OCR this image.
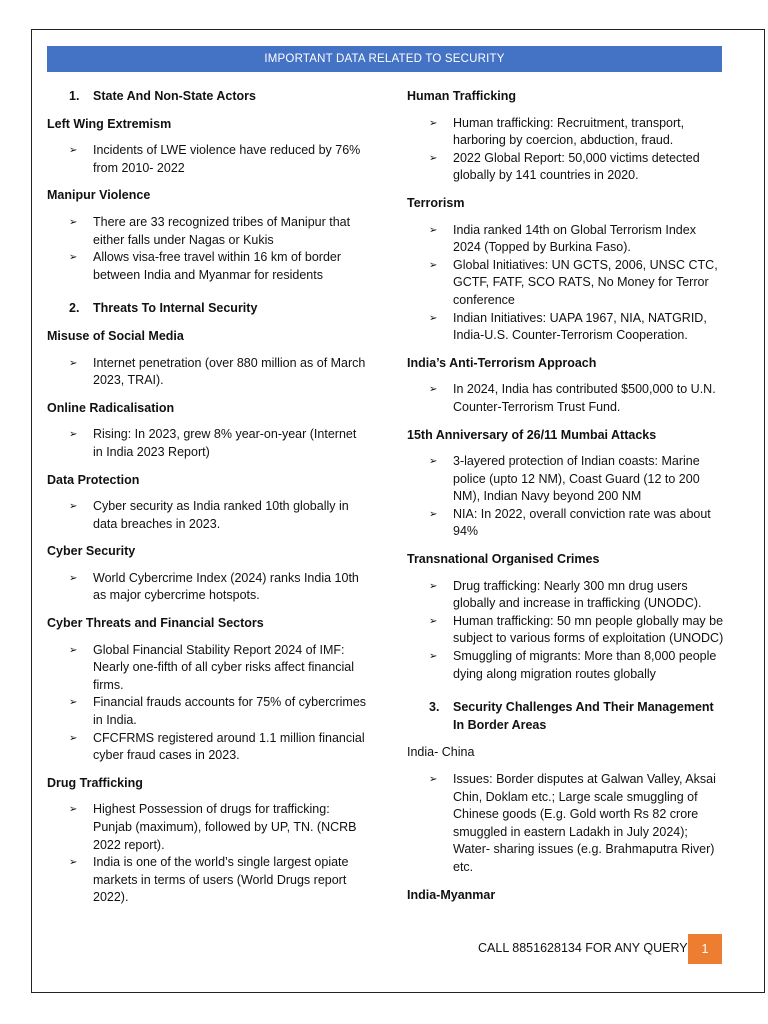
IMPORTANT DATA RELATED TO SECURITY
1.	State And Non-State Actors
Left Wing Extremism
➢	Incidents of LWE violence have reduced by 76% from 2010- 2022
Manipur Violence
➢	There are 33 recognized tribes of Manipur that either falls under Nagas or Kukis
➢	Allows visa-free travel within 16 km of border between India and Myanmar for residents
2.	Threats To Internal Security
Misuse of Social Media
➢	Internet penetration (over 880 million as of March 2023, TRAI).
Online Radicalisation
➢	Rising: In 2023, grew 8% year-on-year (Internet in India 2023 Report)
Data Protection
➢	Cyber security as India ranked 10th globally in data breaches in 2023.
Cyber Security
➢	World Cybercrime Index (2024) ranks India 10th as major cybercrime hotspots.
Cyber Threats and Financial Sectors
➢	Global Financial Stability Report 2024 of IMF: Nearly one-fifth of all cyber risks affect financial firms.
➢	Financial frauds accounts for 75% of cybercrimes in India.
➢	CFCFRMS registered around 1.1 million financial cyber fraud cases in 2023.
Drug Trafficking
➢	Highest Possession of drugs for trafficking: Punjab (maximum), followed by UP, TN. (NCRB 2022 report).
➢	India is one of the world’s single largest opiate markets in terms of users (World Drugs report 2022).
Human Trafficking
➢	Human trafficking: Recruitment, transport, harboring by coercion, abduction, fraud.
➢	2022 Global Report: 50,000 victims detected globally by 141 countries in 2020.
Terrorism
➢	India ranked 14th on Global Terrorism Index 2024 (Topped by Burkina Faso).
➢	Global Initiatives: UN GCTS, 2006, UNSC CTC, GCTF, FATF, SCO RATS, No Money for Terror conference
➢	Indian Initiatives: UAPA 1967, NIA, NATGRID, India-U.S. Counter-Terrorism Cooperation.
India’s Anti-Terrorism Approach
➢	In 2024, India has contributed $500,000 to U.N. Counter-Terrorism Trust Fund.
15th Anniversary of 26/11 Mumbai Attacks
➢	3-layered protection of Indian coasts: Marine police (upto 12 NM), Coast Guard (12 to 200 NM), Indian Navy beyond 200 NM
➢	NIA: In 2022, overall conviction rate was about 94%
Transnational Organised Crimes
➢	Drug trafficking: Nearly 300 mn drug users globally and increase in trafficking (UNODC).
➢	Human trafficking: 50 mn people globally may be subject to various forms of exploitation (UNODC)
➢	Smuggling of migrants: More than 8,000 people dying along migration routes globally
3.	Security Challenges And Their Management In Border Areas
India- China
➢	Issues: Border disputes at Galwan Valley, Aksai Chin, Doklam etc.; Large scale smuggling of Chinese goods (E.g. Gold worth Rs 82 crore smuggled in eastern Ladakh in July 2024); Water- sharing issues (e.g. Brahmaputra River) etc.
India-Myanmar
CALL 8851628134 FOR ANY QUERY	1
